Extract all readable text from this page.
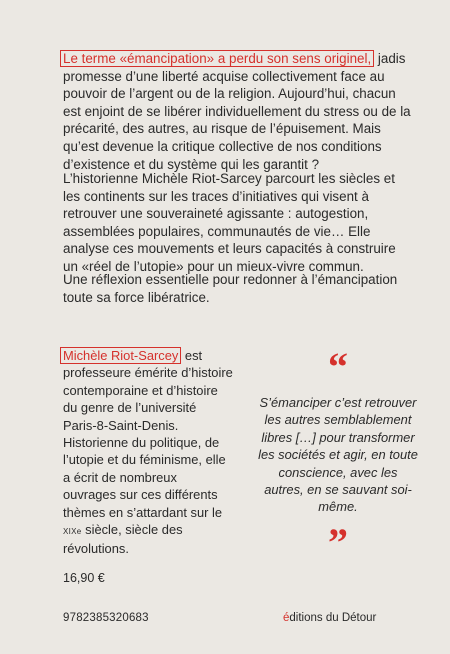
Le terme «émancipation» a perdu son sens originel, jadis promesse d’une liberté acquise collectivement face au pouvoir de l’argent ou de la religion. Aujourd’hui, chacun est enjoint de se libérer individuellement du stress ou de la précarité, des autres, au risque de l’épuisement. Mais qu’est devenue la critique collective de nos conditions d’existence et du système qui les garantit ?

L’historienne Michèle Riot-Sarcey parcourt les siècles et les continents sur les traces d’initiatives qui visent à retrouver une souveraineté agissante : autogestion, assemblées populaires, communautés de vie… Elle analyse ces mouvements et leurs capacités à construire un «réel de l’utopie» pour un mieux-vivre commun.

Une réflexion essentielle pour redonner à l’émancipation toute sa force libératrice.

Michèle Riot-Sarcey est professeure émérite d’histoire contemporaine et d’histoire du genre de l’université Paris-8-Saint-Denis. Historienne du politique, de l’utopie et du féminisme, elle a écrit de nombreux ouvrages sur ces différents thèmes en s’attardant sur le XIXe siècle, siècle des révolutions.

“

S’émanciper c’est retrouver les autres semblablement libres […] pour transformer les sociétés et agir, en toute conscience, avec les autres, en se sauvant soi-même.

”
16,90 €
9782385320683	éditions du Détour
